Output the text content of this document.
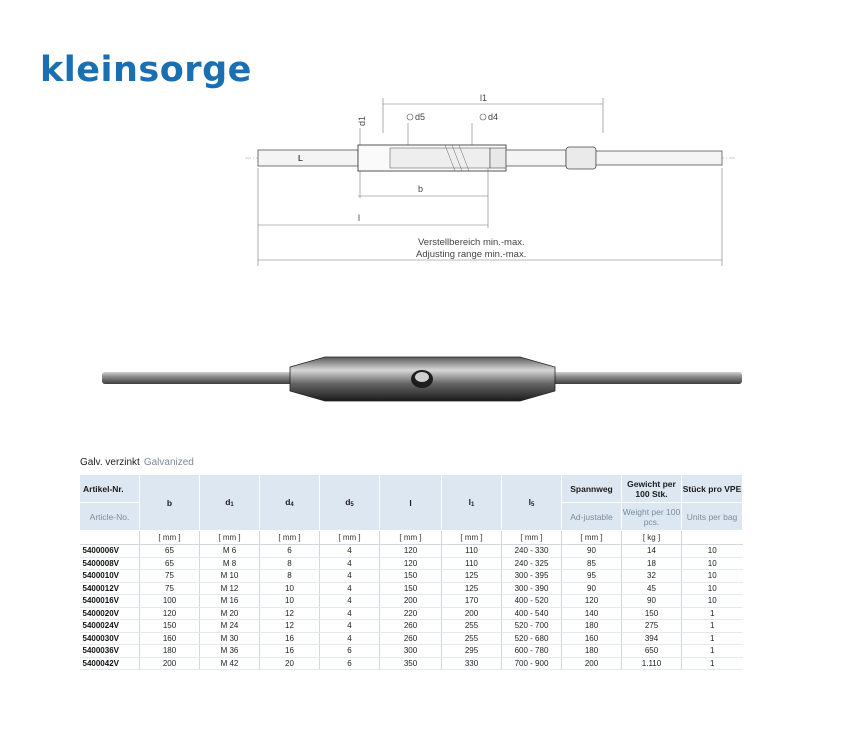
kleinsorge
l1
d1	d5	d4
L
b
l
Verstellbereich min.-max.
Adjusting range min.-max.
Galv. verzinkt Galvanized
Artikel-Nr.	b	$d_1$	$d_4$	$d_5$	l	$l_1$	$l_5$	Spannweg	Gewicht per 100 Stk.	Stück pro VPE
Article-No.								Ad-justable	Weight per 100 pcs.	Units per bag
	[ mm ]	[ mm ]	[ mm ]	[ mm ]	[ mm ]	[ mm ]	[ mm ]	[ mm ]	[ kg ]	
5400006V	65	M 6	6	4	120	110	240 - 330	90	14	10
5400008V	65	M 8	8	4	120	110	240 - 325	85	18	10
5400010V	75	M 10	8	4	150	125	300 - 395	95	32	10
5400012V	75	M 12	10	4	150	125	300 - 390	90	45	10
5400016V	100	M 16	10	4	200	170	400 - 520	120	90	10
5400020V	120	M 20	12	4	220	200	400 - 540	140	150	1
5400024V	150	M 24	12	4	260	255	520 - 700	180	275	1
5400030V	160	M 30	16	4	260	255	520 - 680	160	394	1
5400036V	180	M 36	16	6	300	295	600 - 780	180	650	1
5400042V	200	M 42	20	6	350	330	700 - 900	200	1.110	1
